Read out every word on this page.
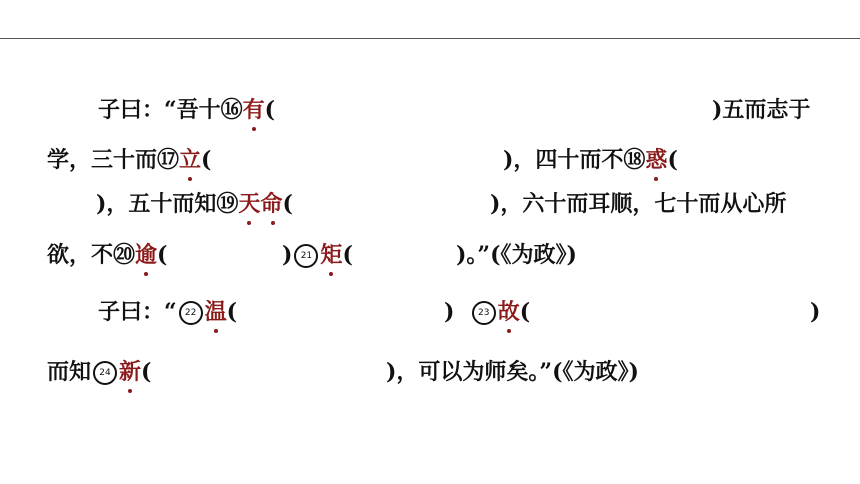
子曰：“吾十⑯有(	)五而志于
学，三十而⑰立(	)，四十而不⑱惑(
)，五十而知⑲天命(	)，六十而耳顺，七十而从心所
欲，不⑳逾(	) 21 矩(	)。”(《为政》)
子曰：“ 22 温(	)	23 故(	)
而知 24 新(	)，可以为师矣。”(《为政》)
